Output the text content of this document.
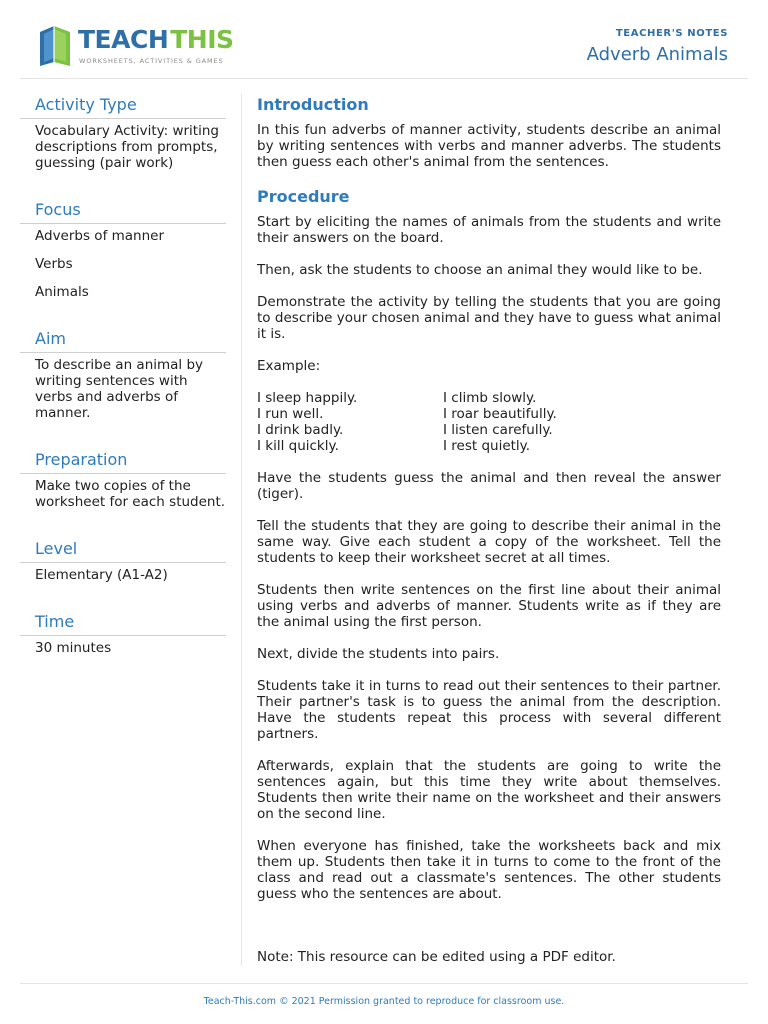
TEACH THIS
WORKSHEETS, ACTIVITIES & GAMES
TEACHER'S NOTES
Adverb Animals
Activity Type
Vocabulary Activity: writing descriptions from prompts, guessing (pair work)
Focus
Adverbs of manner
Verbs
Animals
Aim
To describe an animal by writing sentences with verbs and adverbs of manner.
Preparation
Make two copies of the worksheet for each student.
Level
Elementary (A1-A2)
Time
30 minutes
Introduction

In this fun adverbs of manner activity, students describe an animal by writing sentences with verbs and manner adverbs. The students then guess each other's animal from the sentences.

Procedure

Start by eliciting the names of animals from the students and write their answers on the board.

Then, ask the students to choose an animal they would like to be.

Demonstrate the activity by telling the students that you are going to describe your chosen animal and they have to guess what animal it is.

Example:

I sleep happily.	I climb slowly.
I run well.	I roar beautifully.
I drink badly.	I listen carefully.
I kill quickly.	I rest quietly.

Have the students guess the animal and then reveal the answer (tiger).

Tell the students that they are going to describe their animal in the same way. Give each student a copy of the worksheet. Tell the students to keep their worksheet secret at all times.

Students then write sentences on the first line about their animal using verbs and adverbs of manner. Students write as if they are the animal using the first person.

Next, divide the students into pairs.

Students take it in turns to read out their sentences to their partner. Their partner's task is to guess the animal from the description. Have the students repeat this process with several different partners.

Afterwards, explain that the students are going to write the sentences again, but this time they write about themselves. Students then write their name on the worksheet and their answers on the second line.

When everyone has finished, take the worksheets back and mix them up. Students then take it in turns to come to the front of the class and read out a classmate's sentences. The other students guess who the sentences are about.

Note: This resource can be edited using a PDF editor.
Teach-This.com © 2021 Permission granted to reproduce for classroom use.
